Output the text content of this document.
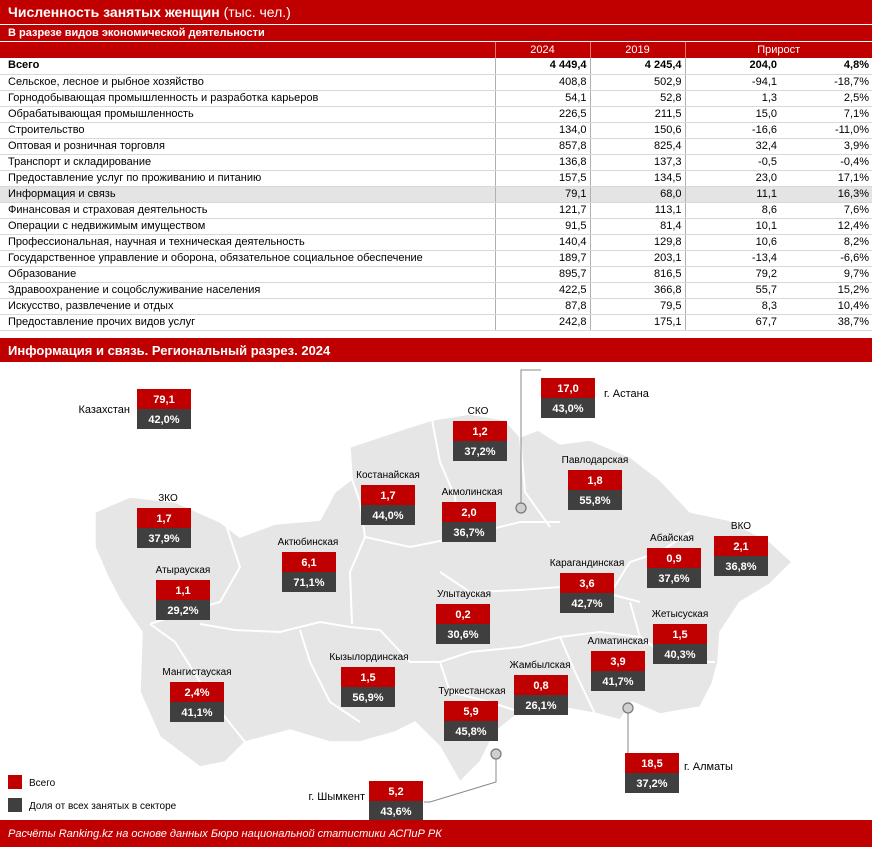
Численность занятых женщин (тыс. чел.)
В разрезе видов экономической деятельности
	2024	2019	Прирост	
Всего	4 449,4	4 245,4	204,0	4,8%
Сельское, лесное и рыбное хозяйство	408,8	502,9	-94,1	-18,7%
Горнодобывающая промышленность и разработка карьеров	54,1	52,8	1,3	2,5%
Обрабатывающая промышленность	226,5	211,5	15,0	7,1%
Строительство	134,0	150,6	-16,6	-11,0%
Оптовая и розничная торговля	857,8	825,4	32,4	3,9%
Транспорт и складирование	136,8	137,3	-0,5	-0,4%
Предоставление услуг по проживанию и питанию	157,5	134,5	23,0	17,1%
Информация и связь	79,1	68,0	11,1	16,3%
Финансовая и страховая деятельность	121,7	113,1	8,6	7,6%
Операции с недвижимым имуществом	91,5	81,4	10,1	12,4%
Профессиональная, научная и техническая деятельность	140,4	129,8	10,6	8,2%
Государственное управление и оборона, обязательное социальное обеспечение	189,7	203,1	-13,4	-6,6%
Образование	895,7	816,5	79,2	9,7%
Здравоохранение и соцобслуживание населения	422,5	366,8	55,7	15,2%
Искусство, развлечение и отдых	87,8	79,5	8,3	10,4%
Предоставление прочих видов услуг	242,8	175,1	67,7	38,7%
Информация и связь. Региональный разрез. 2024
79,1
42,0%
Казахстан
17,0
43,0%
г. Астана
1,2
37,2%
СКО
1,8
55,8%
Павлодарская
1,7
44,0%
Костанайская
2,0
36,7%
Акмолинская
1,7
37,9%
ЗКО
6,1
71,1%
Актюбинская
0,9
37,6%
Абайская
2,1
36,8%
ВКО
1,1
29,2%
Атырауская
3,6
42,7%
Карагандинская
0,2
30,6%
Улытауская
1,5
40,3%
Жетысуская
3,9
41,7%
Алматинская
2,4%
41,1%
Мангистауская	1,5
56,9%
Кызылординская
0,8
26,1%
Жамбылская
5,9
45,8%
Туркестанская
18,5
37,2%
г. Алматы
5,2
43,6%
г. Шымкент
Всего
Доля от всех занятых в секторе
Расчёты Ranking.kz на основе данных Бюро национальной статистики АСПиР РК
